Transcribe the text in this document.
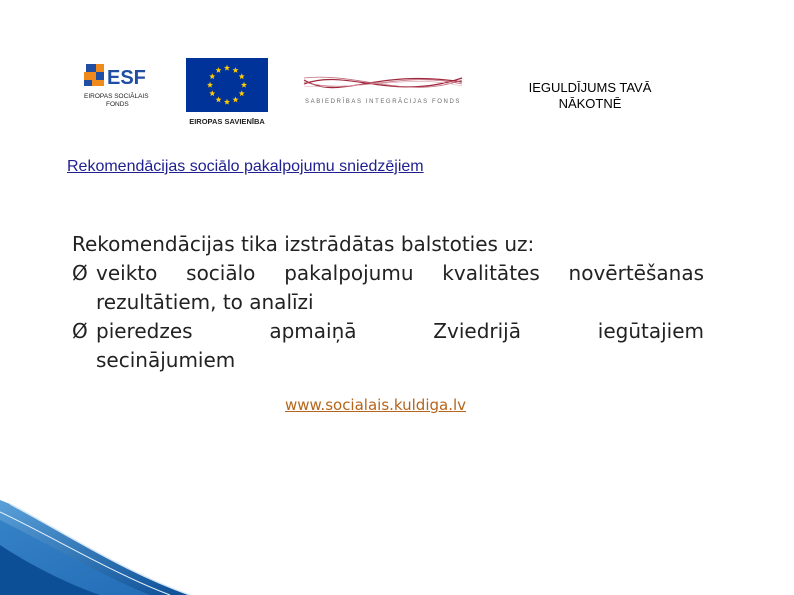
ESF
EIROPAS SOCIĀLAIS
FONDS
EIROPAS SAVIENĪBA
SABIEDRĪBAS INTEGRĀCIJAS FONDS
IEGULDĪJUMS TAVĀ
NĀKOTNĒ
Rekomendācijas sociālo pakalpojumu sniedzējiem

Rekomendācijas tika izstrādātas balstoties uz:

Ø veikto sociālo pakalpojumu kvalitātes novērtēšanas
rezultātiem, to analīzi
Ø pieredzes apmaiņā Zviedrijā iegūtajiem
secinājumiem
www.socialais.kuldiga.lv
